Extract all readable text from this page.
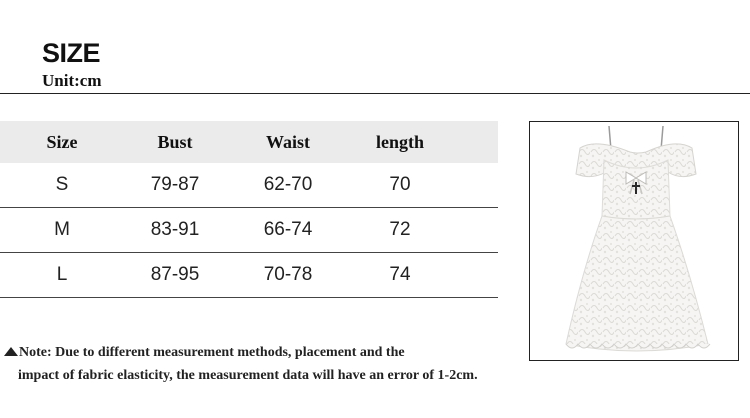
SIZE
Unit:cm
Size	Bust	Waist	length
S	79-87	62-70	70
M	83-91	66-74	72
L	87-95	70-78	74
Note: Due to different measurement methods, placement and the
impact of fabric elasticity, the measurement data will have an error of 1-2cm.
